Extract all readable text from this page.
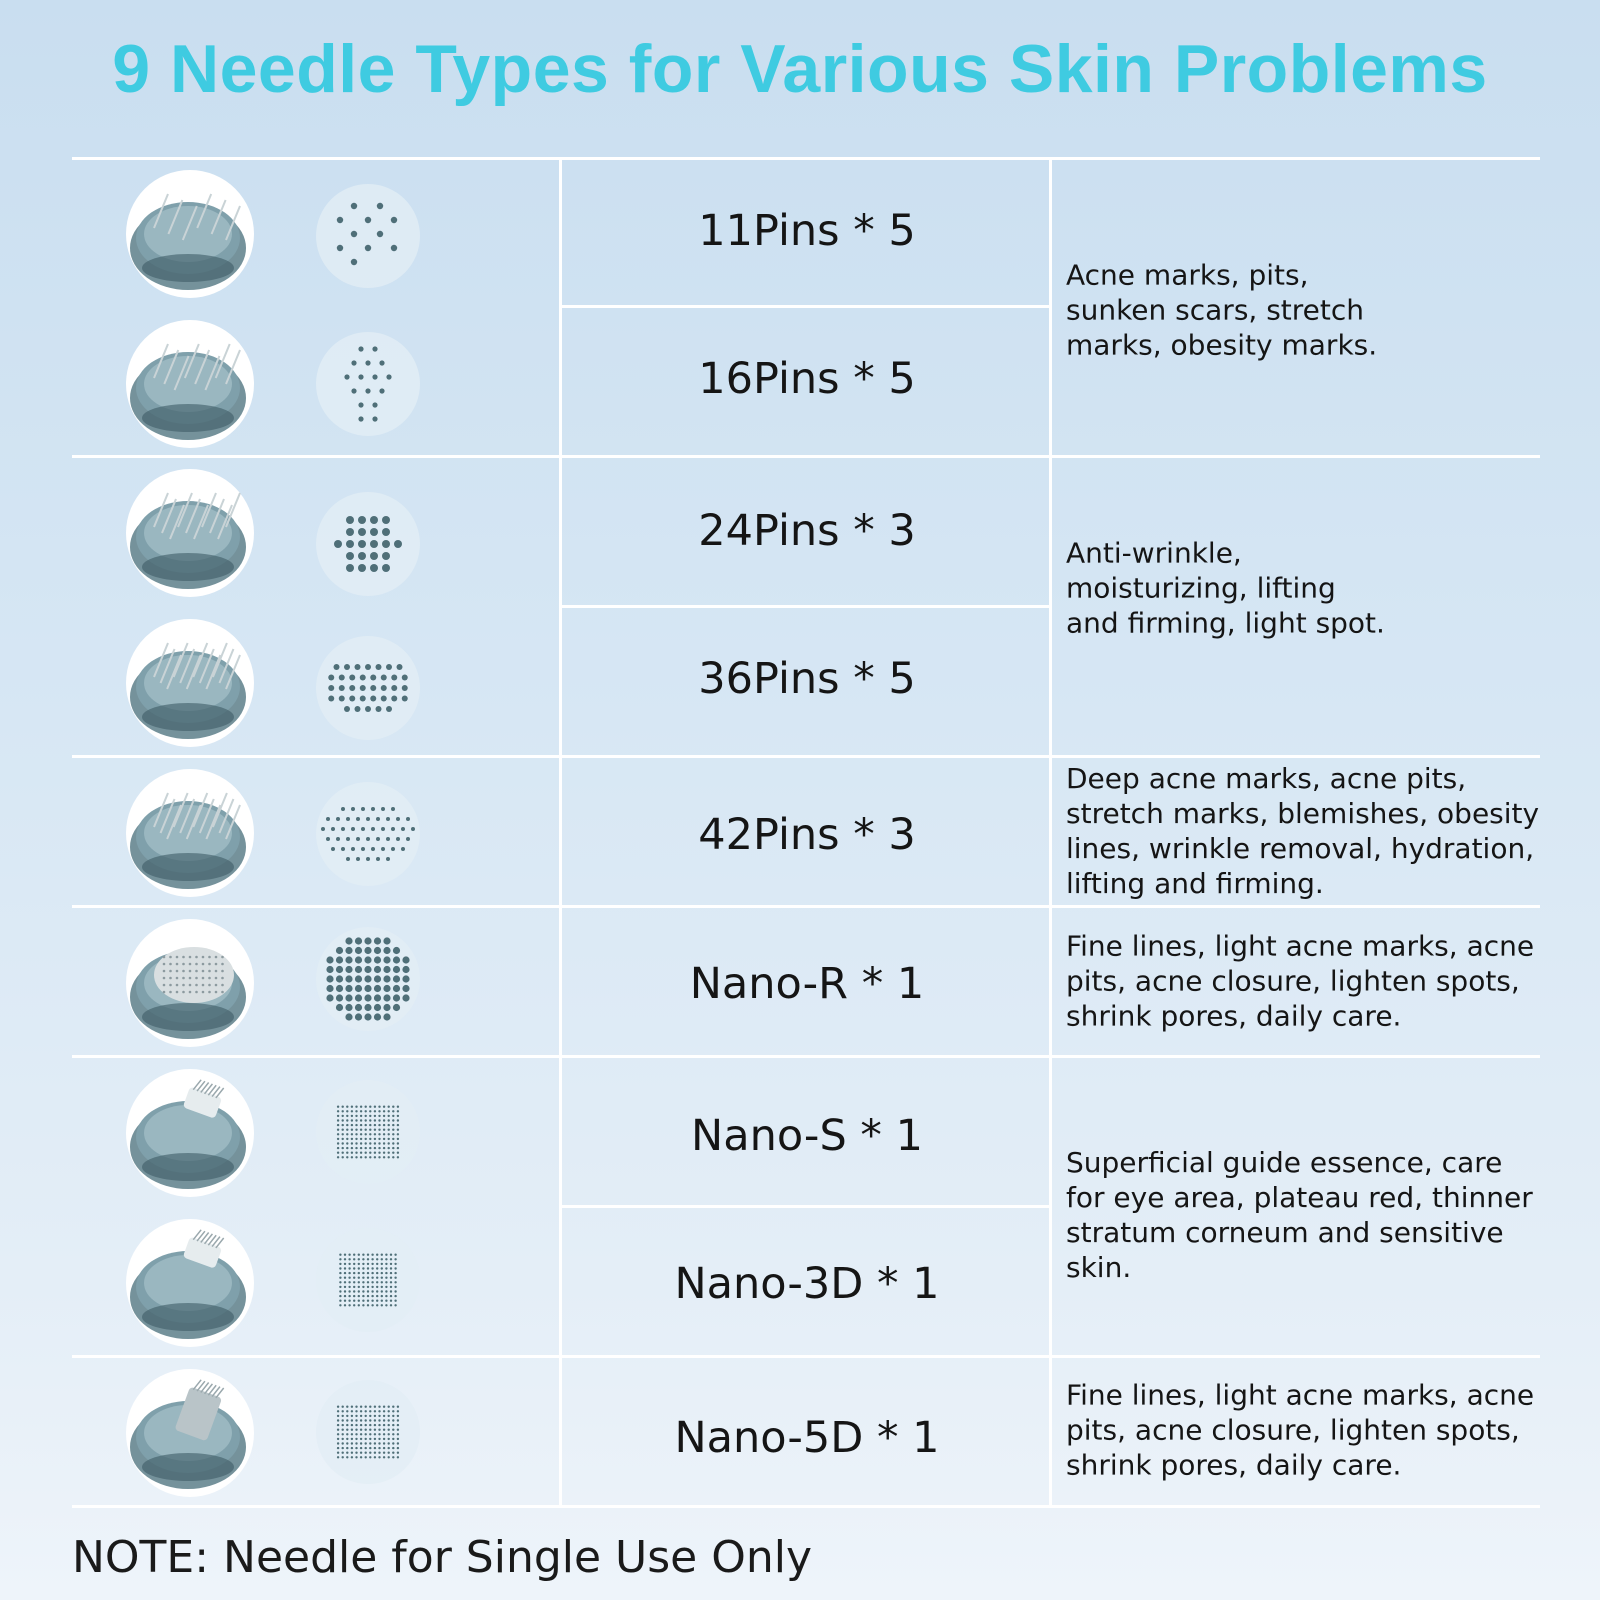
9 Needle Types for Various Skin Problems
11Pins * 5
16Pins * 5
24Pins * 3
36Pins * 5
42Pins * 3
Nano-R * 1
Nano-S * 1
Nano-3D * 1
Nano-5D * 1
Acne marks, pits,
sunken scars, stretch
marks, obesity marks.
Anti-wrinkle,
moisturizing, lifting
and firming, light spot.
Deep acne marks, acne pits,
stretch marks, blemishes, obesity
lines, wrinkle removal, hydration,
lifting and firming.
Fine lines, light acne marks, acne
pits, acne closure, lighten spots,
shrink pores, daily care.
Superficial guide essence, care
for eye area, plateau red, thinner
stratum corneum and sensitive
skin.
Fine lines, light acne marks, acne
pits, acne closure, lighten spots,
shrink pores, daily care.
NOTE: Needle for Single Use Only
